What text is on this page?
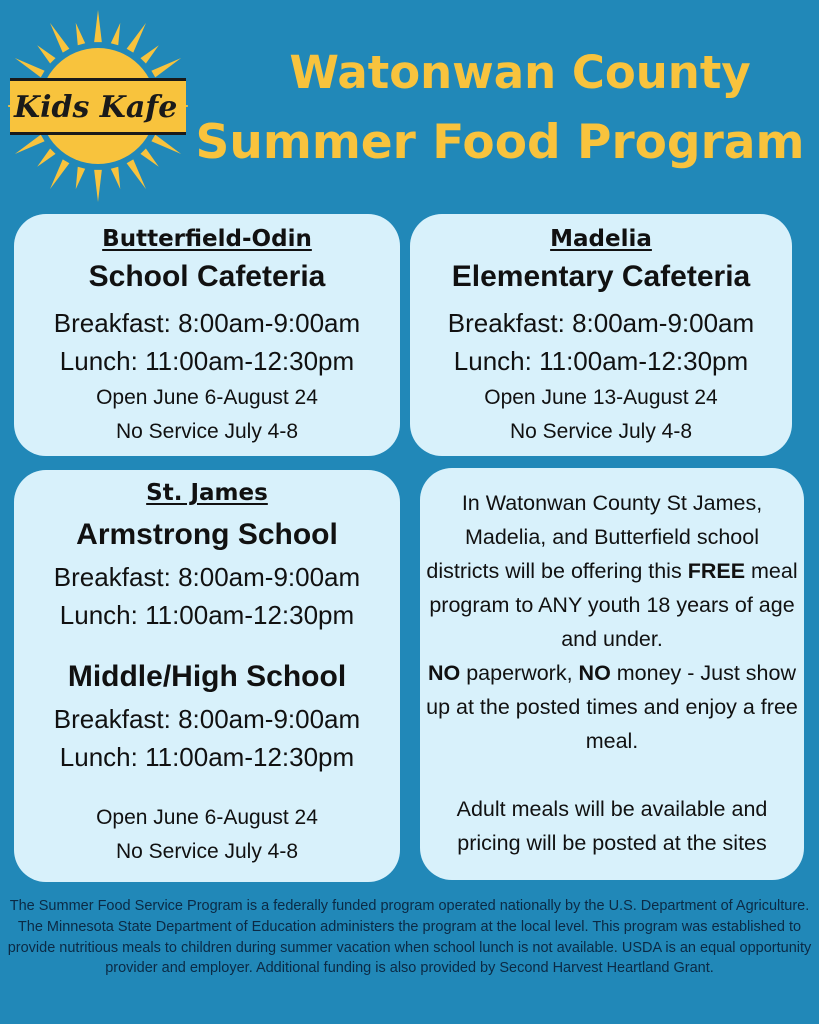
Kids Kafe
Watonwan County
Summer Food Program
Butterfield-Odin
School Cafeteria
Breakfast: 8:00am-9:00am
Lunch: 11:00am-12:30pm
Open June 6-August 24
No Service July 4-8
Madelia
Elementary Cafeteria
Breakfast: 8:00am-9:00am
Lunch: 11:00am-12:30pm
Open June 13-August 24
No Service July 4-8
St. James
Armstrong School
Breakfast: 8:00am-9:00am
Lunch: 11:00am-12:30pm
Middle/High School
Breakfast: 8:00am-9:00am
Lunch: 11:00am-12:30pm
Open June 6-August 24
No Service July 4-8

In Watonwan County St James, Madelia, and Butterfield school districts will be offering this FREE meal program to ANY youth 18 years of age and under.

NO paperwork, NO money - Just show up at the posted times and enjoy a free meal.

Adult meals will be available and pricing will be posted at the sites

The Summer Food Service Program is a federally funded program operated nationally by the U.S. Department of Agriculture. The Minnesota State Department of Education administers the program at the local level. This program was established to provide nutritious meals to children during summer vacation when school lunch is not available. USDA is an equal opportunity provider and employer. Additional funding is also provided by Second Harvest Heartland Grant.
